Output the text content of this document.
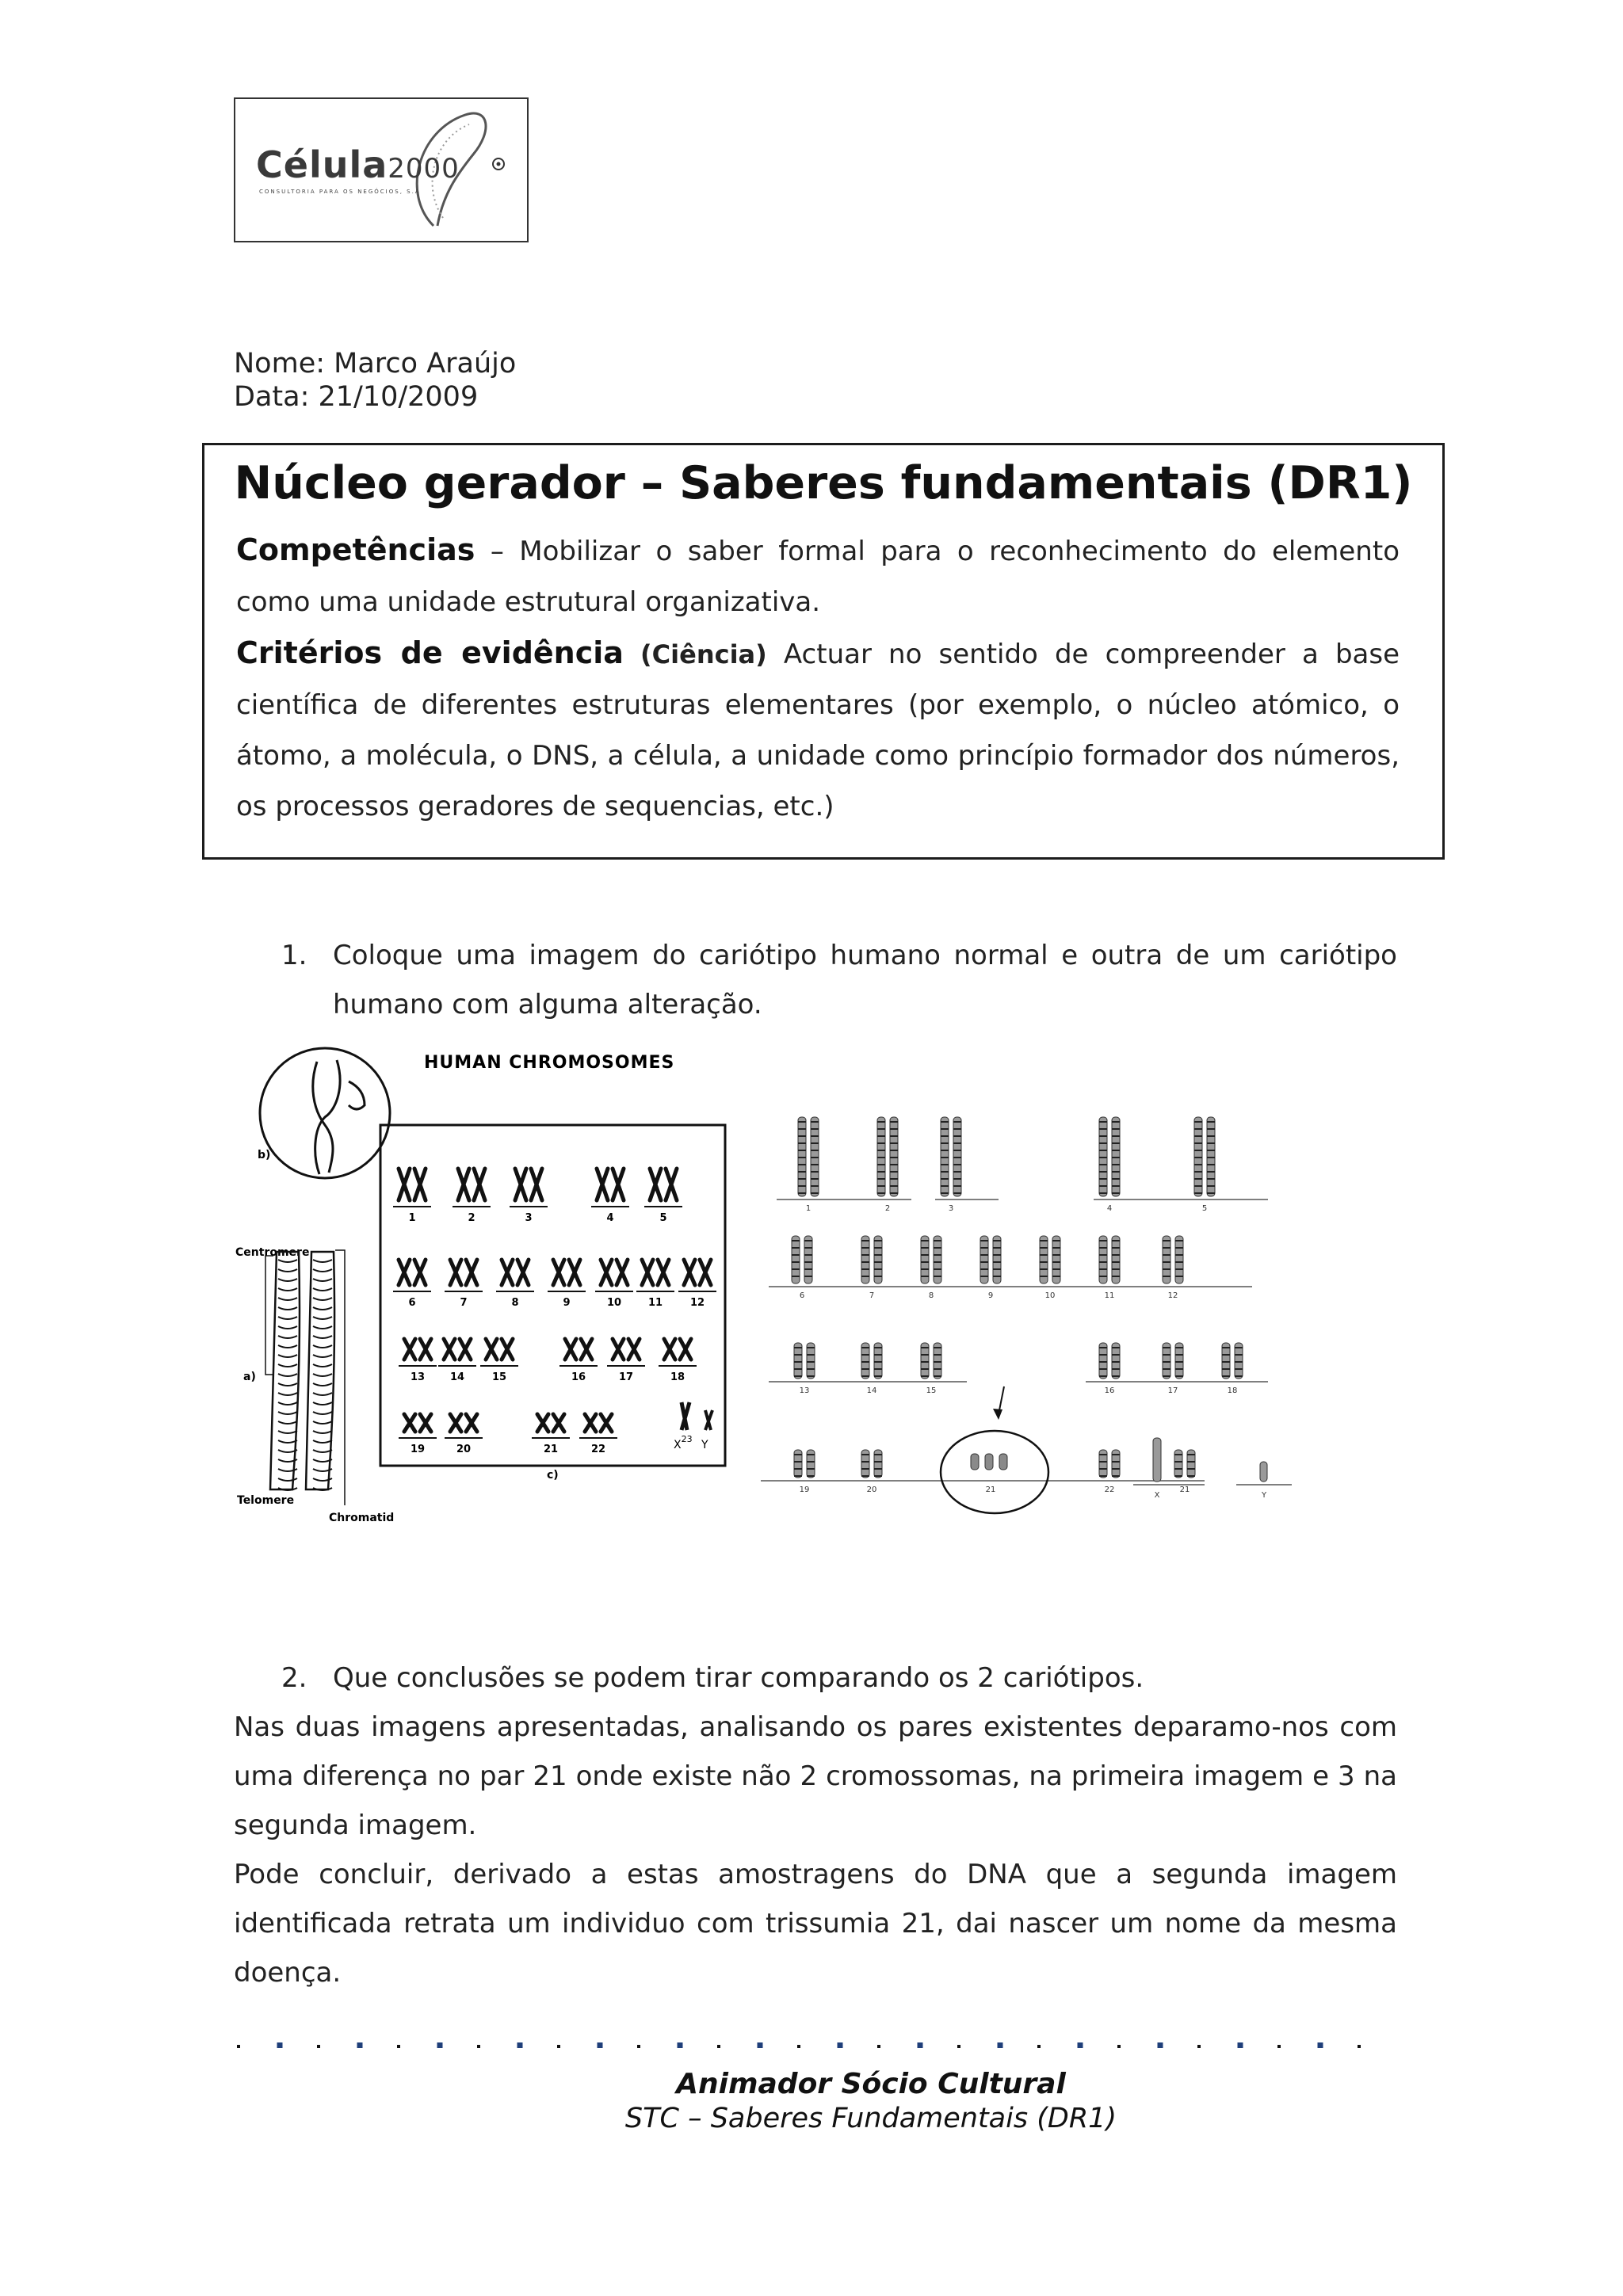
Célula2000
CONSULTORIA PARA OS NEGÓCIOS, S.A
Nome: Marco Araújo
Data: 21/10/2009
Núcleo gerador – Saberes fundamentais (DR1)
Competências – Mobilizar o saber formal para o reconhecimento do elemento como uma unidade estrutural organizativa.
Critérios de evidência (Ciência) Actuar no sentido de compreender a base científica de diferentes estruturas elementares (por exemplo, o núcleo atómico, o átomo, a molécula, o DNS, a célula, a unidade como princípio formador dos números, os processos geradores de sequencias, etc.)
1. Coloque uma imagem do cariótipo humano normal e outra de um cariótipo humano com alguma alteração.
HUMAN CHROMOSOMES
b)
Centromere
a)
Telomere
Chromatid
c)
1	2	3	4	5
6	7	8	9	10	11	12
13 14	15	16	17	18
19	20	21	22	$X^{23}$ Y
1	2	3	4	5
6	7	8	9	10	11	12
13	14	15	16	17	18
19	20	22	21
21
X	Y
2. Que conclusões se podem tirar comparando os 2 cariótipos.
Nas duas imagens apresentadas, analisando os pares existentes deparamo-nos com uma diferença no par 21 onde existe não 2 cromossomas, na primeira imagem e 3 na segunda imagem.
Pode concluir, derivado a estas amostragens do DNA que a segunda imagem identificada retrata um individuo com trissumia 21, dai nascer um nome da mesma doença.
Animador Sócio Cultural
STC – Saberes Fundamentais (DR1)
